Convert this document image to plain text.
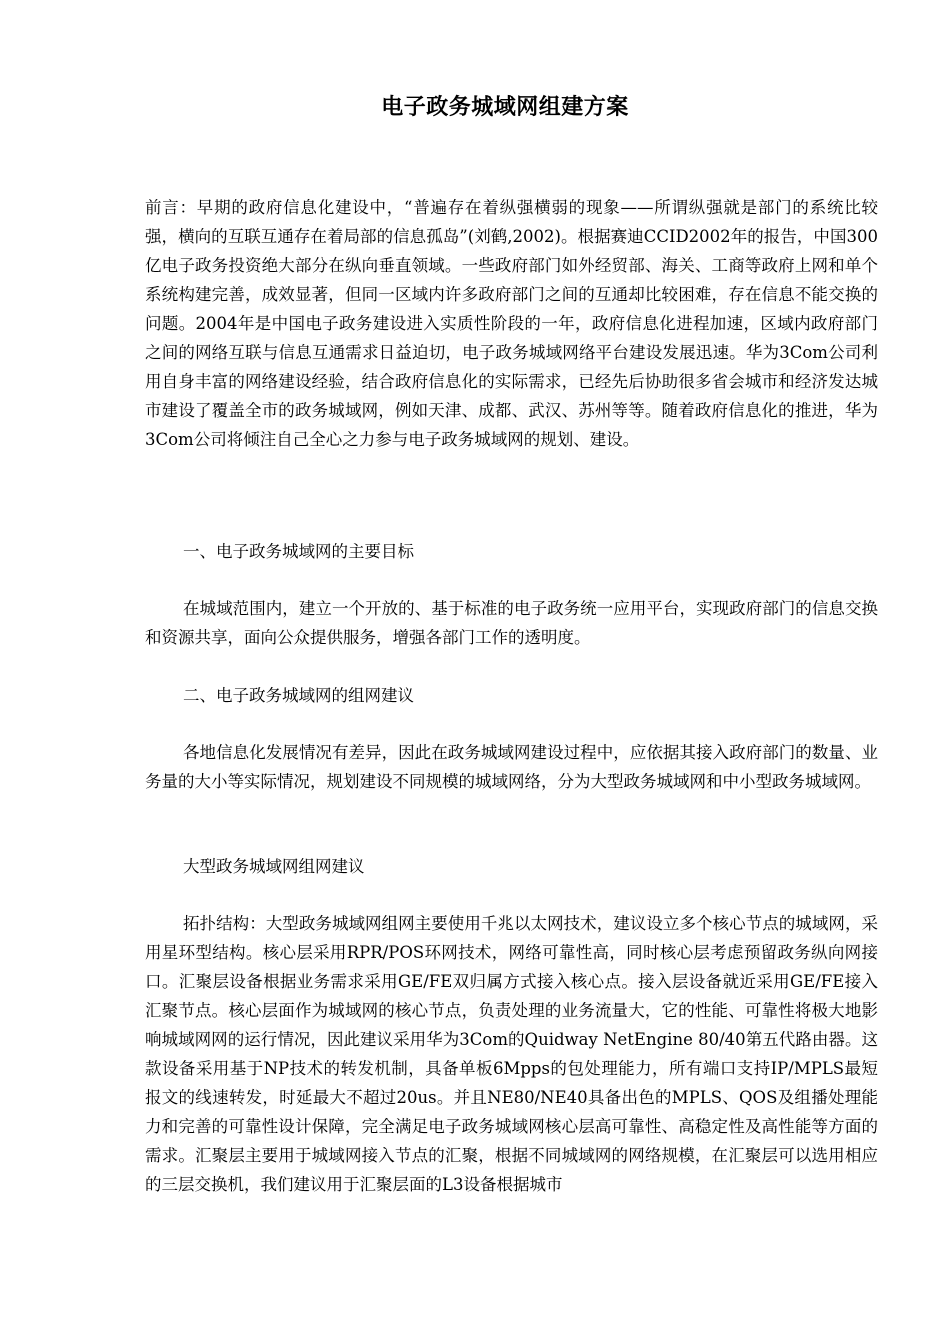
电子政务城域网组建方案
前言：早期的政府信息化建设中，“普遍存在着纵强横弱的现象——所谓纵强就是部门的系统比较强，横向的互联互通存在着局部的信息孤岛”(刘鹤,2002)。根据赛迪CCID2002年的报告，中国300亿电子政务投资绝大部分在纵向垂直领域。一些政府部门如外经贸部、海关、工商等政府上网和单个系统构建完善，成效显著，但同一区域内许多政府部门之间的互通却比较困难，存在信息不能交换的问题。2004年是中国电子政务建设进入实质性阶段的一年，政府信息化进程加速，区域内政府部门之间的网络互联与信息互通需求日益迫切，电子政务城域网络平台建设发展迅速。华为3Com公司利用自身丰富的网络建设经验，结合政府信息化的实际需求，已经先后协助很多省会城市和经济发达城市建设了覆盖全市的政务城域网，例如天津、成都、武汉、苏州等等。随着政府信息化的推进，华为3Com公司将倾注自己全心之力参与电子政务城域网的规划、建设。
一、电子政务城域网的主要目标
在城域范围内，建立一个开放的、基于标准的电子政务统一应用平台，实现政府部门的信息交换和资源共享，面向公众提供服务，增强各部门工作的透明度。
二、电子政务城域网的组网建议
各地信息化发展情况有差异，因此在政务城域网建设过程中，应依据其接入政府部门的数量、业务量的大小等实际情况，规划建设不同规模的城域网络，分为大型政务城域网和中小型政务城域网。
大型政务城域网组网建议
拓扑结构：大型政务城域网组网主要使用千兆以太网技术，建议设立多个核心节点的城域网，采用星环型结构。核心层采用RPR/POS环网技术，网络可靠性高，同时核心层考虑预留政务纵向网接口。汇聚层设备根据业务需求采用GE/FE双归属方式接入核心点。接入层设备就近采用GE/FE接入汇聚节点。核心层面作为城域网的核心节点，负责处理的业务流量大，它的性能、可靠性将极大地影响城域网网的运行情况，因此建议采用华为3Com的Quidway NetEngine 80/40第五代路由器。这款设备采用基于NP技术的转发机制，具备单板6Mpps的包处理能力，所有端口支持IP/MPLS最短报文的线速转发，时延最大不超过20us。并且NE80/NE40具备出色的MPLS、QOS及组播处理能力和完善的可靠性设计保障，完全满足电子政务城域网核心层高可靠性、高稳定性及高性能等方面的需求。汇聚层主要用于城域网接入节点的汇聚，根据不同城域网的网络规模，在汇聚层可以选用相应的三层交换机，我们建议用于汇聚层面的L3设备根据城市
